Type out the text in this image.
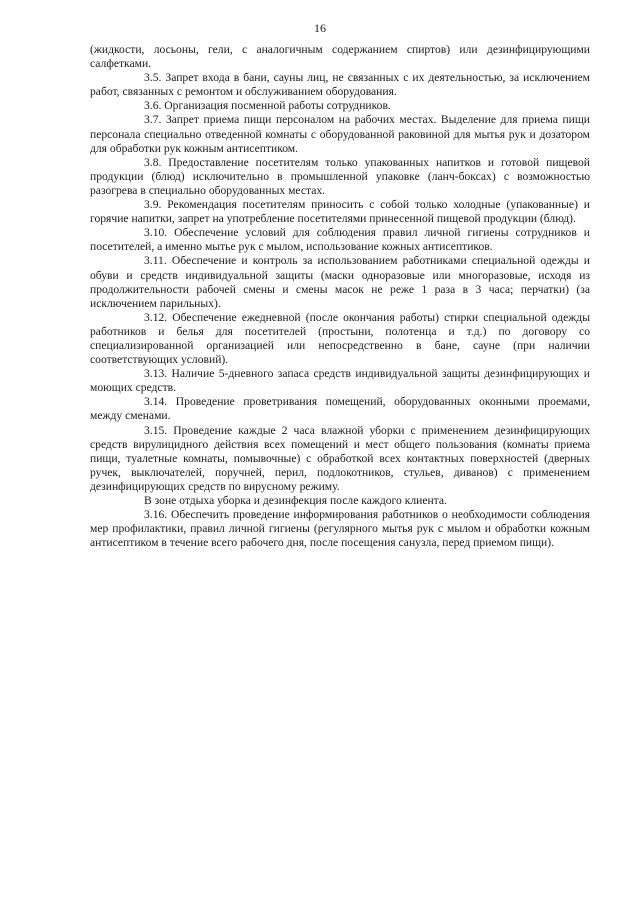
16

(жидкости, лосьоны, гели, с аналогичным содержанием спиртов) или дезинфицирующими салфетками.

3.5. Запрет входа в бани, сауны лиц, не связанных с их деятельностью, за исключением работ, связанных с ремонтом и обслуживанием оборудования.

3.6. Организация посменной работы сотрудников.

3.7. Запрет приема пищи персоналом на рабочих местах. Выделение для приема пищи персонала специально отведенной комнаты с оборудованной раковиной для мытья рук и дозатором для обработки рук кожным антисептиком.

3.8. Предоставление посетителям только упакованных напитков и готовой пищевой продукции (блюд) исключительно в промышленной упаковке (ланч-боксах) с возможностью разогрева в специально оборудованных местах.

3.9. Рекомендация посетителям приносить с собой только холодные (упакованные) и горячие напитки, запрет на употребление посетителями принесенной пищевой продукции (блюд).

3.10. Обеспечение условий для соблюдения правил личной гигиены сотрудников и посетителей, а именно мытье рук с мылом, использование кожных антисептиков.

3.11. Обеспечение и контроль за использованием работниками специальной одежды и обуви и средств индивидуальной защиты (маски одноразовые или многоразовые, исходя из продолжительности рабочей смены и смены масок не реже 1 раза в 3 часа; перчатки) (за исключением парильных).

3.12. Обеспечение ежедневной (после окончания работы) стирки специальной одежды работников и белья для посетителей (простыни, полотенца и т.д.) по договору со специализированной организацией или непосредственно в бане, сауне (при наличии соответствующих условий).

3.13. Наличие 5-дневного запаса средств индивидуальной защиты дезинфицирующих и моющих средств.

3.14. Проведение проветривания помещений, оборудованных оконными проемами, между сменами.

3.15. Проведение каждые 2 часа влажной уборки с применением дезинфицирующих средств вирулицидного действия всех помещений и мест общего пользования (комнаты приема пищи, туалетные комнаты, помывочные) с обработкой всех контактных поверхностей (дверных ручек, выключателей, поручней, перил, подлокотников, стульев, диванов) с применением дезинфицирующих средств по вирусному режиму.

В зоне отдыха уборка и дезинфекция после каждого клиента.

3.16. Обеспечить проведение информирования работников о необходимости соблюдения мер профилактики, правил личной гигиены (регулярного мытья рук с мылом и обработки кожным антисептиком в течение всего рабочего дня, после посещения санузла, перед приемом пищи).
